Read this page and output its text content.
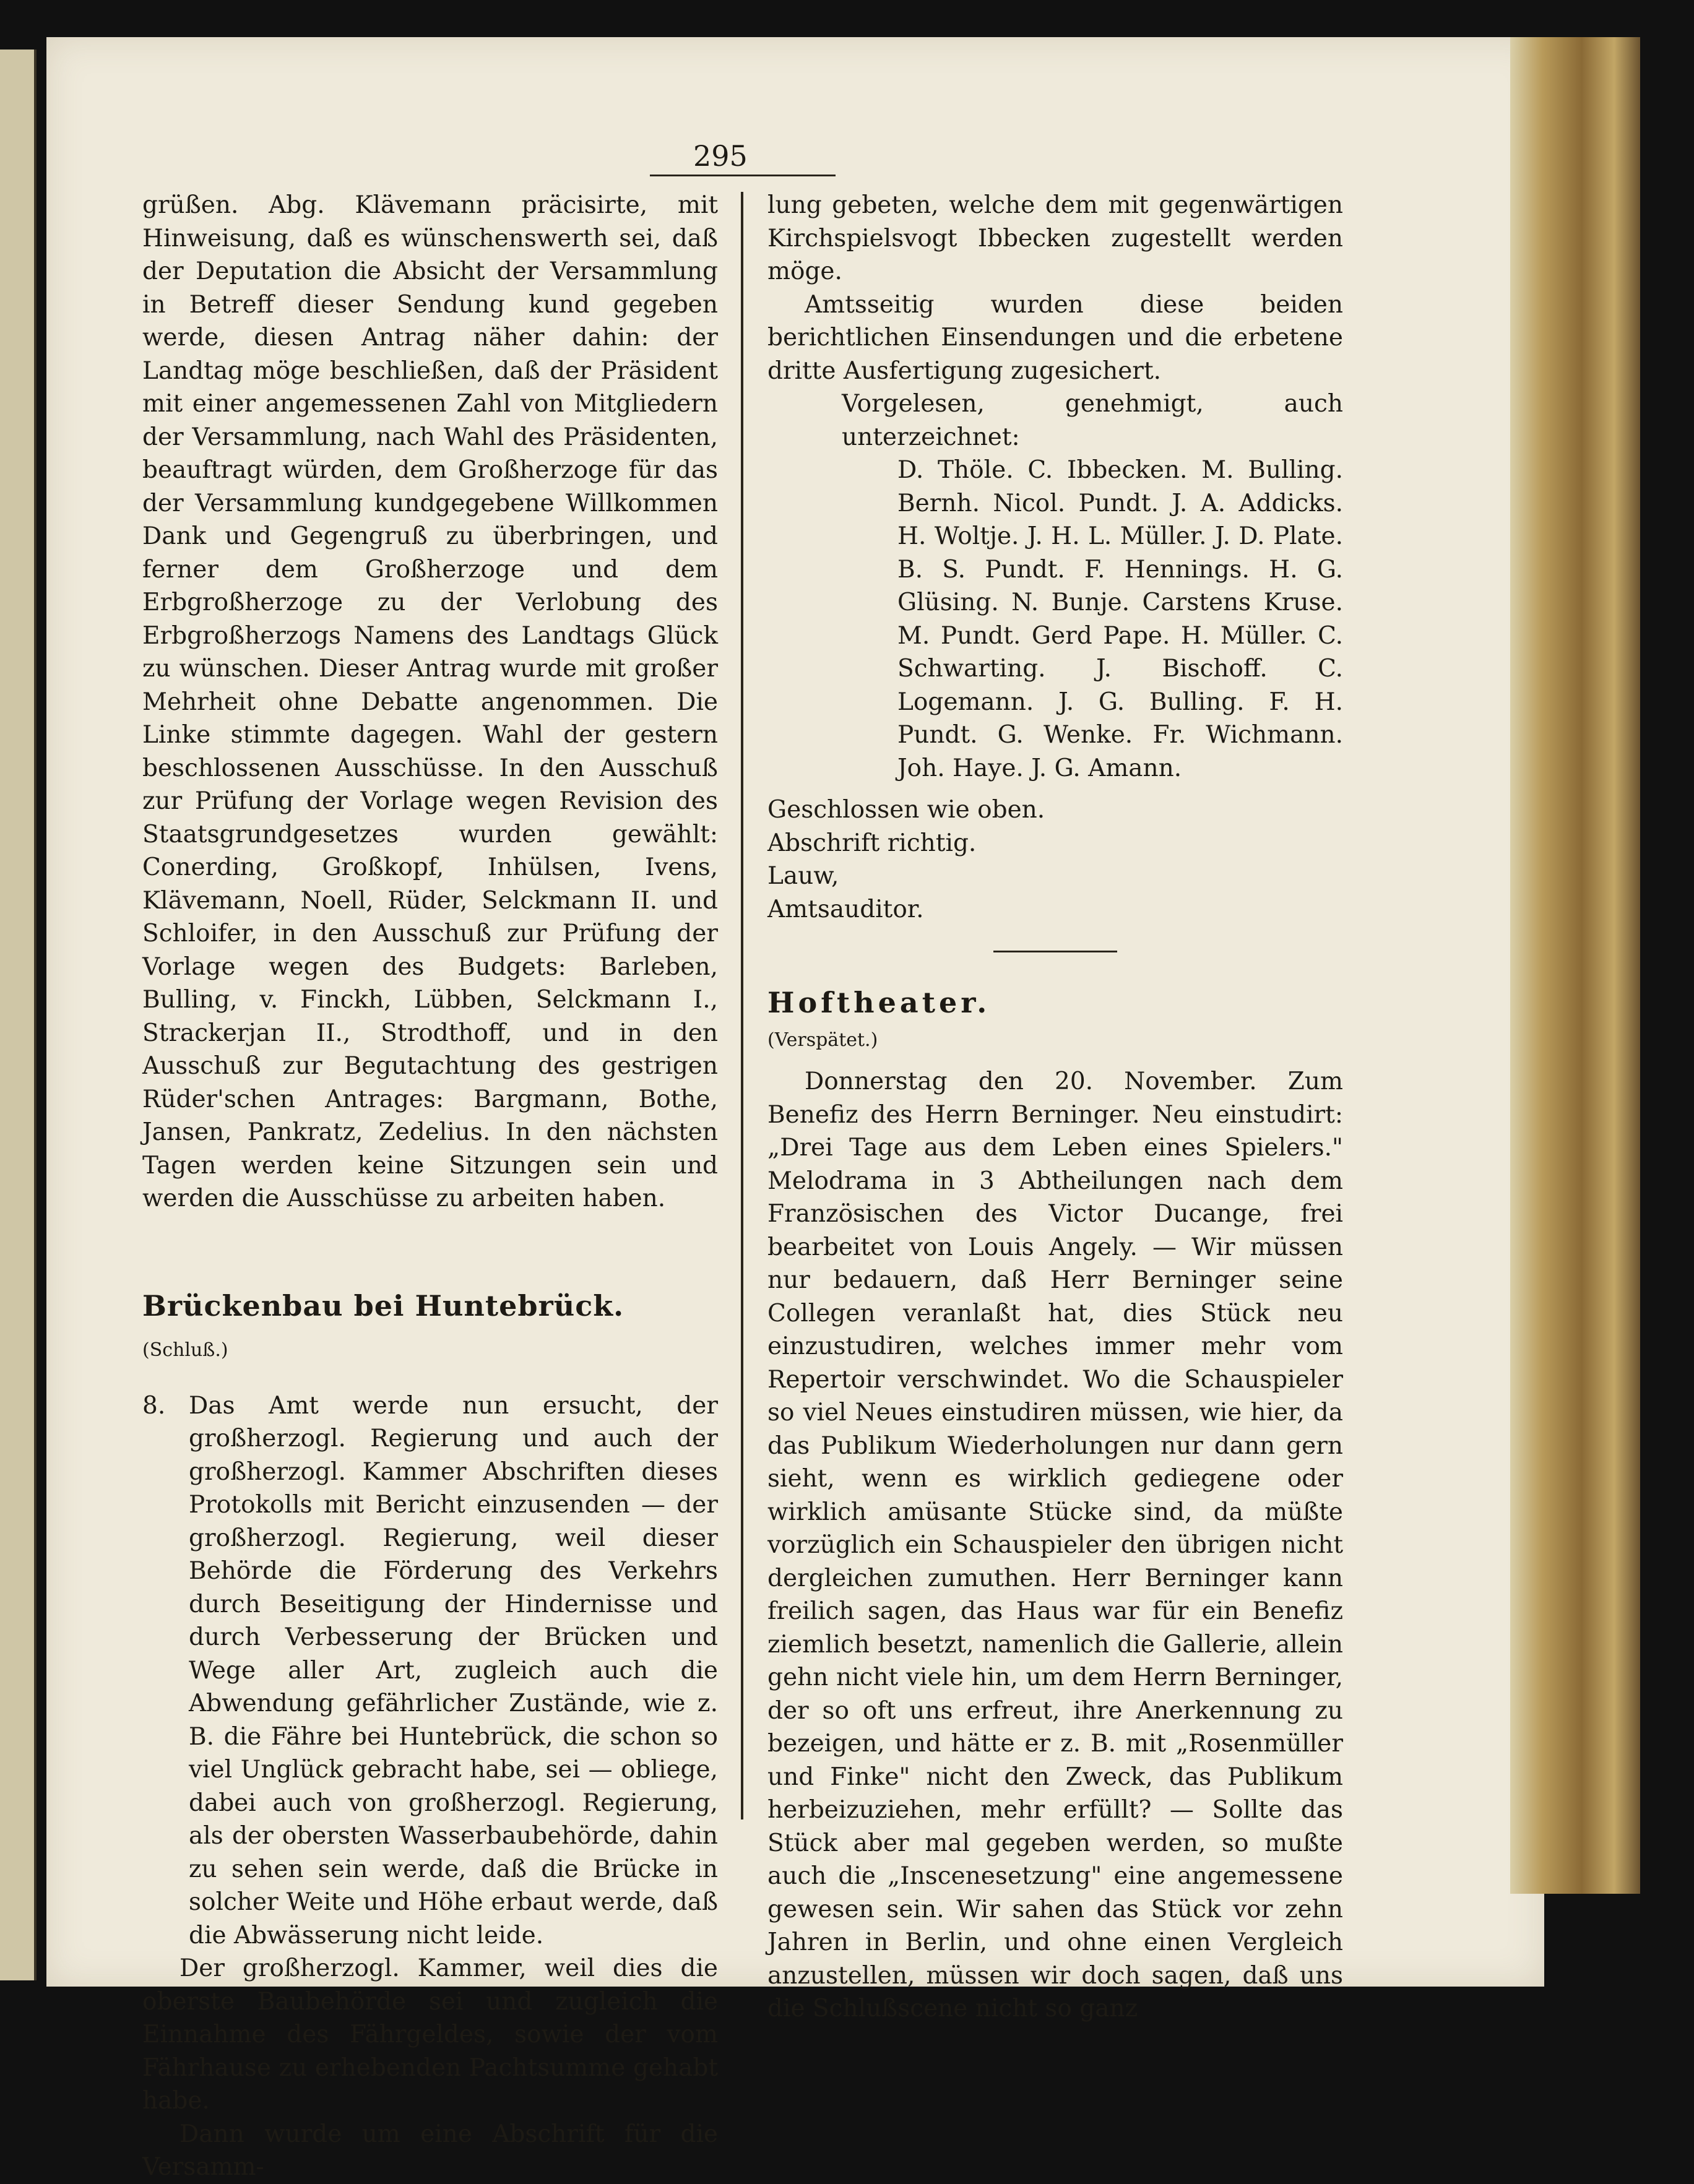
295

grüßen. Abg. Klävemann präcisirte, mit Hinweisung, daß es wünschenswerth sei, daß der Deputation die Absicht der Versammlung in Betreff dieser Sendung kund gegeben werde, diesen Antrag näher dahin: der Landtag möge beschließen, daß der Präsident mit einer angemessenen Zahl von Mitgliedern der Versammlung, nach Wahl des Präsidenten, beauftragt würden, dem Großherzoge für das der Versammlung kundgegebene Willkommen Dank und Gegengruß zu überbringen, und ferner dem Großherzoge und dem Erbgroßherzoge zu der Verlobung des Erbgroßherzogs Namens des Landtags Glück zu wünschen. Dieser Antrag wurde mit großer Mehrheit ohne Debatte angenommen. Die Linke stimmte dagegen. Wahl der gestern beschlossenen Ausschüsse. In den Ausschuß zur Prüfung der Vorlage wegen Revision des Staatsgrundgesetzes wurden gewählt: Conerding, Großkopf, Inhülsen, Ivens, Klävemann, Noell, Rüder, Selckmann II. und Schloifer, in den Ausschuß zur Prüfung der Vorlage wegen des Budgets: Barleben, Bulling, v. Finckh, Lübben, Selckmann I., Strackerjan II., Strodthoff, und in den Ausschuß zur Begutachtung des gestrigen Rüder'schen Antrages: Bargmann, Bothe, Jansen, Pankratz, Zedelius. In den nächsten Tagen werden keine Sitzungen sein und werden die Ausschüsse zu arbeiten haben.

Brückenbau bei Huntebrück.

(Schluß.)

8. Das Amt werde nun ersucht, der großherzogl. Regierung und auch der großherzogl. Kammer Abschriften dieses Protokolls mit Bericht einzusenden — der großherzogl. Regierung, weil dieser Behörde die Förderung des Verkehrs durch Beseitigung der Hindernisse und durch Verbesserung der Brücken und Wege aller Art, zugleich auch die Abwendung gefährlicher Zustände, wie z. B. die Fähre bei Huntebrück, die schon so viel Unglück gebracht habe, sei — obliege, dabei auch von großherzogl. Regierung, als der obersten Wasserbaubehörde, dahin zu sehen sein werde, daß die Brücke in solcher Weite und Höhe erbaut werde, daß die Abwässerung nicht leide.

Der großherzogl. Kammer, weil dies die oberste Baubehörde sei und zugleich die Einnahme des Fährgeldes, sowie der vom Fährhause zu erhebenden Pachtsumme gehabt habe.

Dann wurde um eine Abschrift für die Versamm-

lung gebeten, welche dem mit gegenwärtigen Kirchspielsvogt Ibbecken zugestellt werden möge.

Amtsseitig wurden diese beiden berichtlichen Einsendungen und die erbetene dritte Ausfertigung zugesichert.

Vorgelesen, genehmigt, auch unterzeichnet:

D. Thöle. C. Ibbecken. M. Bulling. Bernh. Nicol. Pundt. J. A. Addicks. H. Woltje. J. H. L. Müller. J. D. Plate. B. S. Pundt. F. Hennings. H. G. Glüsing. N. Bunje. Carstens Kruse. M. Pundt. Gerd Pape. H. Müller. C. Schwarting. J. Bischoff. C. Logemann. J. G. Bulling. F. H. Pundt. G. Wenke. Fr. Wichmann. Joh. Haye. J. G. Amann.

Geschlossen wie oben.

Abschrift richtig.

Lauw,

Amtsauditor.

Hoftheater.

(Verspätet.)

Donnerstag den 20. November. Zum Benefiz des Herrn Berninger. Neu einstudirt: „Drei Tage aus dem Leben eines Spielers." Melodrama in 3 Abtheilungen nach dem Französischen des Victor Ducange, frei bearbeitet von Louis Angely. — Wir müssen nur bedauern, daß Herr Berninger seine Collegen veranlaßt hat, dies Stück neu einzustudiren, welches immer mehr vom Repertoir verschwindet. Wo die Schauspieler so viel Neues einstudiren müssen, wie hier, da das Publikum Wiederholungen nur dann gern sieht, wenn es wirklich gediegene oder wirklich amüsante Stücke sind, da müßte vorzüglich ein Schauspieler den übrigen nicht dergleichen zumuthen. Herr Berninger kann freilich sagen, das Haus war für ein Benefiz ziemlich besetzt, namenlich die Gallerie, allein gehn nicht viele hin, um dem Herrn Berninger, der so oft uns erfreut, ihre Anerkennung zu bezeigen, und hätte er z. B. mit „Rosenmüller und Finke" nicht den Zweck, das Publikum herbeizuziehen, mehr erfüllt? — Sollte das Stück aber mal gegeben werden, so mußte auch die „Inscenesetzung" eine angemessene gewesen sein. Wir sahen das Stück vor zehn Jahren in Berlin, und ohne einen Vergleich anzustellen, müssen wir doch sagen, daß uns die Schlußscene nicht so ganz
